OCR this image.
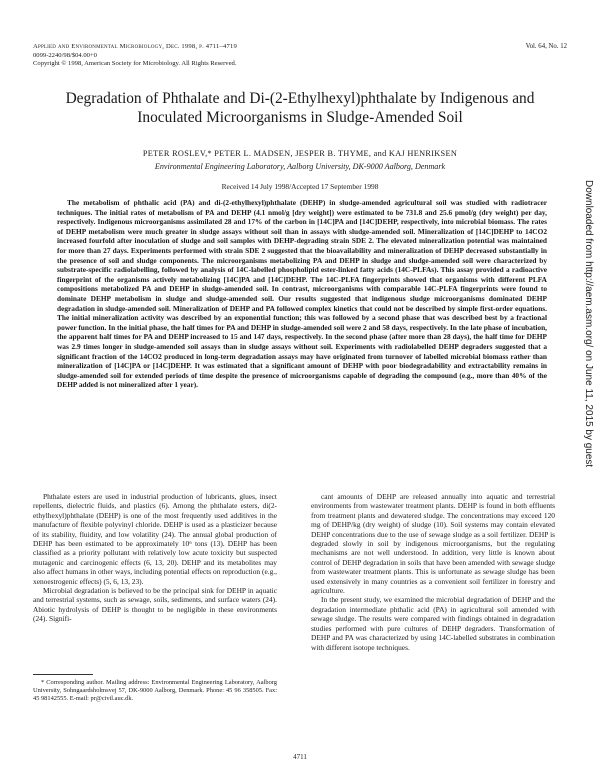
Applied and Environmental Microbiology, Dec. 1998, p. 4711–4719
0099-2240/98/$04.00+0
Copyright © 1998, American Society for Microbiology. All Rights Reserved.
Vol. 64, No. 12
Degradation of Phthalate and Di-(2-Ethylhexyl)phthalate by Indigenous and Inoculated Microorganisms in Sludge-Amended Soil
PETER ROSLEV,* PETER L. MADSEN, JESPER B. THYME, and KAJ HENRIKSEN
Environmental Engineering Laboratory, Aalborg University, DK-9000 Aalborg, Denmark
Received 14 July 1998/Accepted 17 September 1998

The metabolism of phthalic acid (PA) and di-(2-ethylhexyl)phthalate (DEHP) in sludge-amended agricultural soil was studied with radiotracer techniques. The initial rates of metabolism of PA and DEHP (4.1 nmol/g [dry weight]) were estimated to be 731.8 and 25.6 pmol/g (dry weight) per day, respectively. Indigenous microorganisms assimilated 28 and 17% of the carbon in [14C]PA and [14C]DEHP, respectively, into microbial biomass. The rates of DEHP metabolism were much greater in sludge assays without soil than in assays with sludge-amended soil. Mineralization of [14C]DEHP to 14CO2 increased fourfold after inoculation of sludge and soil samples with DEHP-degrading strain SDE 2. The elevated mineralization potential was maintained for more than 27 days. Experiments performed with strain SDE 2 suggested that the bioavailability and mineralization of DEHP decreased substantially in the presence of soil and sludge components. The microorganisms metabolizing PA and DEHP in sludge and sludge-amended soil were characterized by substrate-specific radiolabelling, followed by analysis of 14C-labelled phospholipid ester-linked fatty acids (14C-PLFAs). This assay provided a radioactive fingerprint of the organisms actively metabolizing [14C]PA and [14C]DEHP. The 14C-PLFA fingerprints showed that organisms with different PLFA compositions metabolized PA and DEHP in sludge-amended soil. In contrast, microorganisms with comparable 14C-PLFA fingerprints were found to dominate DEHP metabolism in sludge and sludge-amended soil. Our results suggested that indigenous sludge microorganisms dominated DEHP degradation in sludge-amended soil. Mineralization of DEHP and PA followed complex kinetics that could not be described by simple first-order equations. The initial mineralization activity was described by an exponential function; this was followed by a second phase that was described best by a fractional power function. In the initial phase, the half times for PA and DEHP in sludge-amended soil were 2 and 58 days, respectively. In the late phase of incubation, the apparent half times for PA and DEHP increased to 15 and 147 days, respectively. In the second phase (after more than 28 days), the half time for DEHP was 2.9 times longer in sludge-amended soil assays than in sludge assays without soil. Experiments with radiolabelled DEHP degraders suggested that a significant fraction of the 14CO2 produced in long-term degradation assays may have originated from turnover of labelled microbial biomass rather than mineralization of [14C]PA or [14C]DEHP. It was estimated that a significant amount of DEHP with poor biodegradability and extractability remains in sludge-amended soil for extended periods of time despite the presence of microorganisms capable of degrading the compound (e.g., more than 40% of the DEHP added is not mineralized after 1 year).

Phthalate esters are used in industrial production of lubricants, glues, insect repellents, dielectric fluids, and plastics (6). Among the phthalate esters, di(2-ethylhexyl)phthalate (DEHP) is one of the most frequently used additives in the manufacture of flexible polyvinyl chloride. DEHP is used as a plasticizer because of its stability, fluidity, and low volatility (24). The annual global production of DEHP has been estimated to be approximately 10⁶ tons (13). DEHP has been classified as a priority pollutant with relatively low acute toxicity but suspected mutagenic and carcinogenic effects (6, 13, 20). DEHP and its metabolites may also affect humans in other ways, including potential effects on reproduction (e.g., xenoestrogenic effects) (5, 6, 13, 23).

Microbial degradation is believed to be the principal sink for DEHP in aquatic and terrestrial systems, such as sewage, soils, sediments, and surface waters (24). Abiotic hydrolysis of DEHP is thought to be negligible in these environments (24). Signifi-

cant amounts of DEHP are released annually into aquatic and terrestrial environments from wastewater treatment plants. DEHP is found in both effluents from treatment plants and dewatered sludge. The concentrations may exceed 120 mg of DEHP/kg (dry weight) of sludge (10). Soil systems may contain elevated DEHP concentrations due to the use of sewage sludge as a soil fertilizer. DEHP is degraded slowly in soil by indigenous microorganisms, but the regulating mechanisms are not well understood. In addition, very little is known about control of DEHP degradation in soils that have been amended with sewage sludge from wastewater treatment plants. This is unfortunate as sewage sludge has been used extensively in many countries as a convenient soil fertilizer in forestry and agriculture.

In the present study, we examined the microbial degradation of DEHP and the degradation intermediate phthalic acid (PA) in agricultural soil amended with sewage sludge. The results were compared with findings obtained in degradation studies performed with pure cultures of DEHP degraders. Transformation of DEHP and PA was characterized by using 14C-labelled substrates in combination with different isotope techniques.

* Corresponding author. Mailing address: Environmental Engineering Laboratory, Aalborg University, Sohngaardsholmsvej 57, DK-9000 Aalborg, Denmark. Phone: 45 96 358505. Fax: 45 98142555. E-mail: pr@civil.auc.dk.

4711
Downloaded from http://aem.asm.org/ on June 11, 2015 by guest
